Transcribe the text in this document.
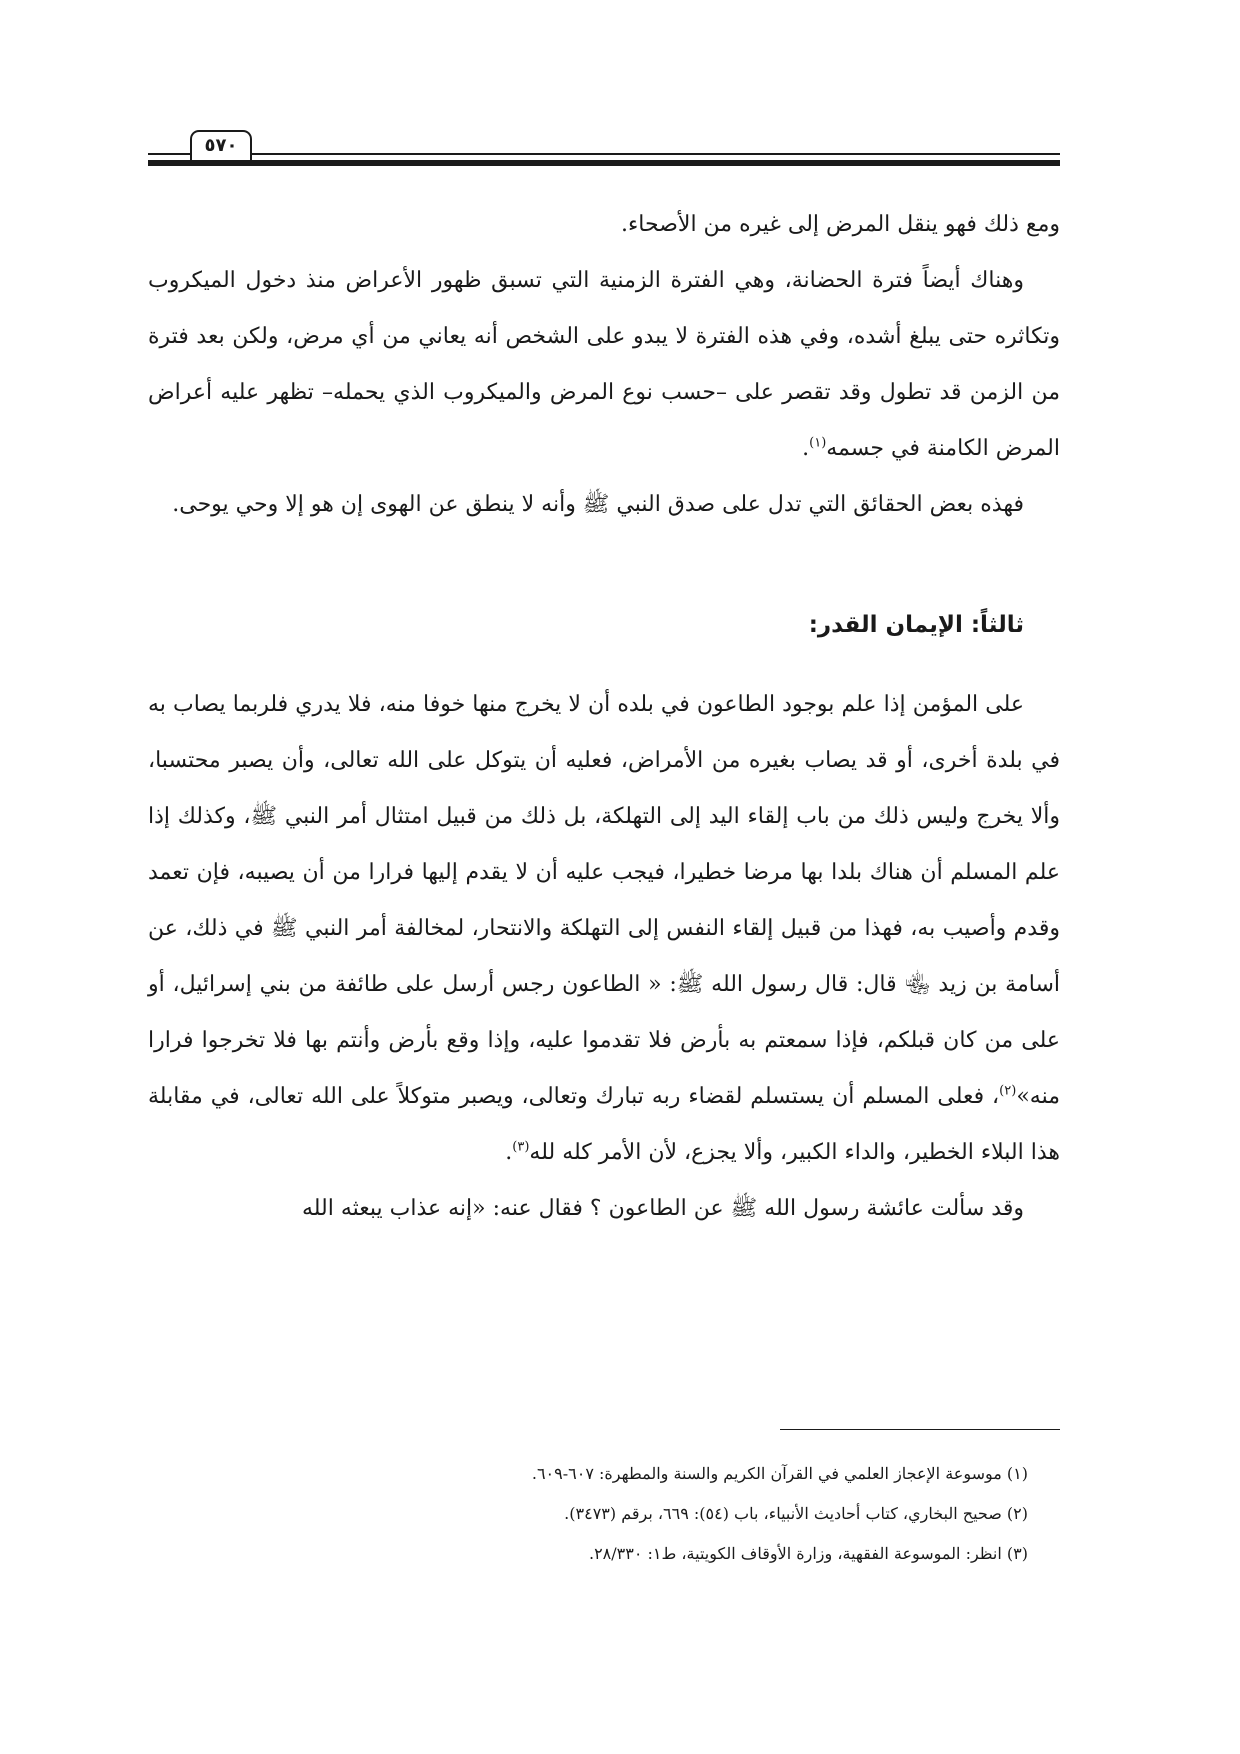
٥٧٠

ومع ذلك فهو ينقل المرض إلى غيره من الأصحاء.

وهناك أيضاً فترة الحضانة، وهي الفترة الزمنية التي تسبق ظهور الأعراض منذ دخول الميكروب وتكاثره حتى يبلغ أشده، وفي هذه الفترة لا يبدو على الشخص أنه يعاني من أي مرض، ولكن بعد فترة من الزمن قد تطول وقد تقصر على –حسب نوع المرض والميكروب الذي يحمله– تظهر عليه أعراض المرض الكامنة في جسمه$^{(١)}$.

فهذه بعض الحقائق التي تدل على صدق النبي ﷺ وأنه لا ينطق عن الهوى إن هو إلا وحي يوحى.

ثالثاً: الإيمان القدر:

على المؤمن إذا علم بوجود الطاعون في بلده أن لا يخرج منها خوفا منه، فلا يدري فلربما يصاب به في بلدة أخرى، أو قد يصاب بغيره من الأمراض، فعليه أن يتوكل على الله تعالى، وأن يصبر محتسبا، وألا يخرج وليس ذلك من باب إلقاء اليد إلى التهلكة، بل ذلك من قبيل امتثال أمر النبي ﷺ، وكذلك إذا علم المسلم أن هناك بلدا بها مرضا خطيرا، فيجب عليه أن لا يقدم إليها فرارا من أن يصيبه، فإن تعمد وقدم وأصيب به، فهذا من قبيل إلقاء النفس إلى التهلكة والانتحار، لمخالفة أمر النبي ﷺ في ذلك، عن أسامة بن زيد ﵄ قال: قال رسول الله ﷺ: « الطاعون رجس أرسل على طائفة من بني إسرائيل، أو على من كان قبلكم، فإذا سمعتم به بأرض فلا تقدموا عليه، وإذا وقع بأرض وأنتم بها فلا تخرجوا فرارا منه»$^{(٢)}$، فعلى المسلم أن يستسلم لقضاء ربه تبارك وتعالى، ويصبر متوكلاً على الله تعالى، في مقابلة هذا البلاء الخطير، والداء الكبير، وألا يجزع، لأن الأمر كله لله$^{(٣)}$.

وقد سألت عائشة رسول الله ﷺ عن الطاعون ؟ فقال عنه: «إنه عذاب يبعثه الله

(١) موسوعة الإعجاز العلمي في القرآن الكريم والسنة والمطهرة: ٦٠٧-٦٠٩.
(٢) صحيح البخاري، كتاب أحاديث الأنبياء، باب (٥٤): ٦٦٩، برقم (٣٤٧٣).
(٣) انظر: الموسوعة الفقهية، وزارة الأوقاف الكويتية، ط١: ٢٨/٣٣٠.
